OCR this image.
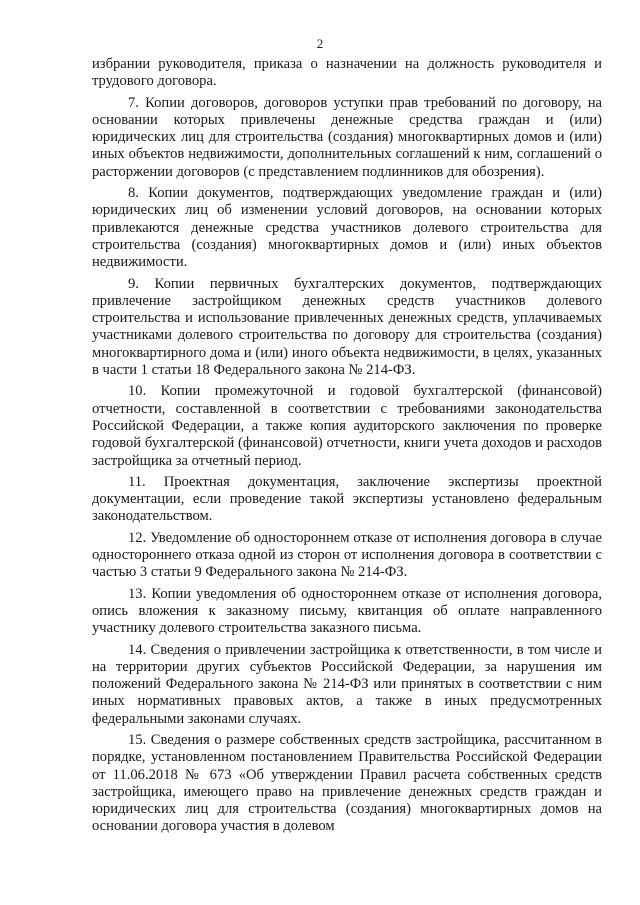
2

избрании руководителя, приказа о назначении на должность руководителя и трудового договора.

7. Копии договоров, договоров уступки прав требований по договору, на основании которых привлечены денежные средства граждан и (или) юридических лиц для строительства (создания) многоквартирных домов и (или) иных объектов недвижимости, дополнительных соглашений к ним, соглашений о расторжении договоров (с представлением подлинников для обозрения).

8. Копии документов, подтверждающих уведомление граждан и (или) юридических лиц об изменении условий договоров, на основании которых привлекаются денежные средства участников долевого строительства для строительства (создания) многоквартирных домов и (или) иных объектов недвижимости.

9. Копии первичных бухгалтерских документов, подтверждающих привлечение застройщиком денежных средств участников долевого строительства и использование привлеченных денежных средств, уплачиваемых участниками долевого строительства по договору для строительства (создания) многоквартирного дома и (или) иного объекта недвижимости, в целях, указанных в части 1 статьи 18 Федерального закона № 214-ФЗ.

10. Копии промежуточной и годовой бухгалтерской (финансовой) отчетности, составленной в соответствии с требованиями законодательства Российской Федерации, а также копия аудиторского заключения по проверке годовой бухгалтерской (финансовой) отчетности, книги учета доходов и расходов застройщика за отчетный период.

11. Проектная документация, заключение экспертизы проектной документации, если проведение такой экспертизы установлено федеральным законодательством.

12. Уведомление об одностороннем отказе от исполнения договора в случае одностороннего отказа одной из сторон от исполнения договора в соответствии с частью 3 статьи 9 Федерального закона № 214-ФЗ.

13. Копии уведомления об одностороннем отказе от исполнения договора, опись вложения к заказному письму, квитанция об оплате направленного участнику долевого строительства заказного письма.

14. Сведения о привлечении застройщика к ответственности, в том числе и на территории других субъектов Российской Федерации, за нарушения им положений Федерального закона № 214-ФЗ или принятых в соответствии с ним иных нормативных правовых актов, а также в иных предусмотренных федеральными законами случаях.

15. Сведения о размере собственных средств застройщика, рассчитанном в порядке, установленном постановлением Правительства Российской Федерации от 11.06.2018 № 673 «Об утверждении Правил расчета собственных средств застройщика, имеющего право на привлечение денежных средств граждан и юридических лиц для строительства (создания) многоквартирных домов на основании договора участия в долевом
